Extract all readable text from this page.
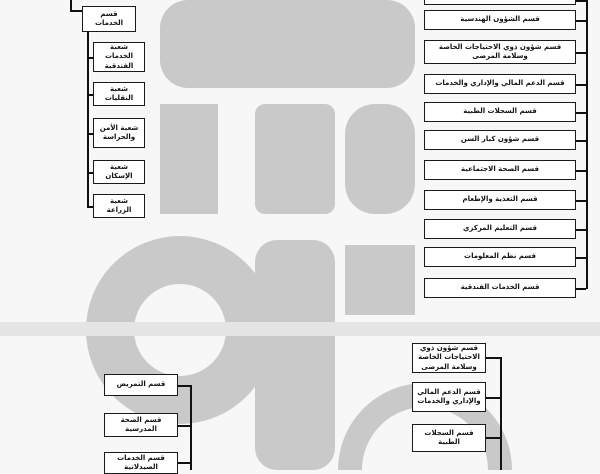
قسم الخدمات
شعبة الخدمات الفندقية
شعبة النقليات
شعبة الأمن والحراسة
شعبة الإسكان
شعبة الزراعة
قسم الشؤون الهندسية
قسم شؤون ذوي الاحتياجات الخاصة وسلامة المرضى
قسم الدعم المالي والإداري والخدمات
قسم السجلات الطبية
قسم شؤون كبار السن
قسم الصحة الاجتماعية
قسم التغذية والإطعام
قسم التعليم المركزي
قسم نظم المعلومات
قسم الخدمات الفندقية
قسم التمريض
قسم الصحة المدرسية
قسم الخدمات الصيدلانية
قسم شؤون ذوي الاحتياجات الخاصة وسلامة المرضى
قسم الدعم المالي والإداري والخدمات
قسم السجلات الطبية
